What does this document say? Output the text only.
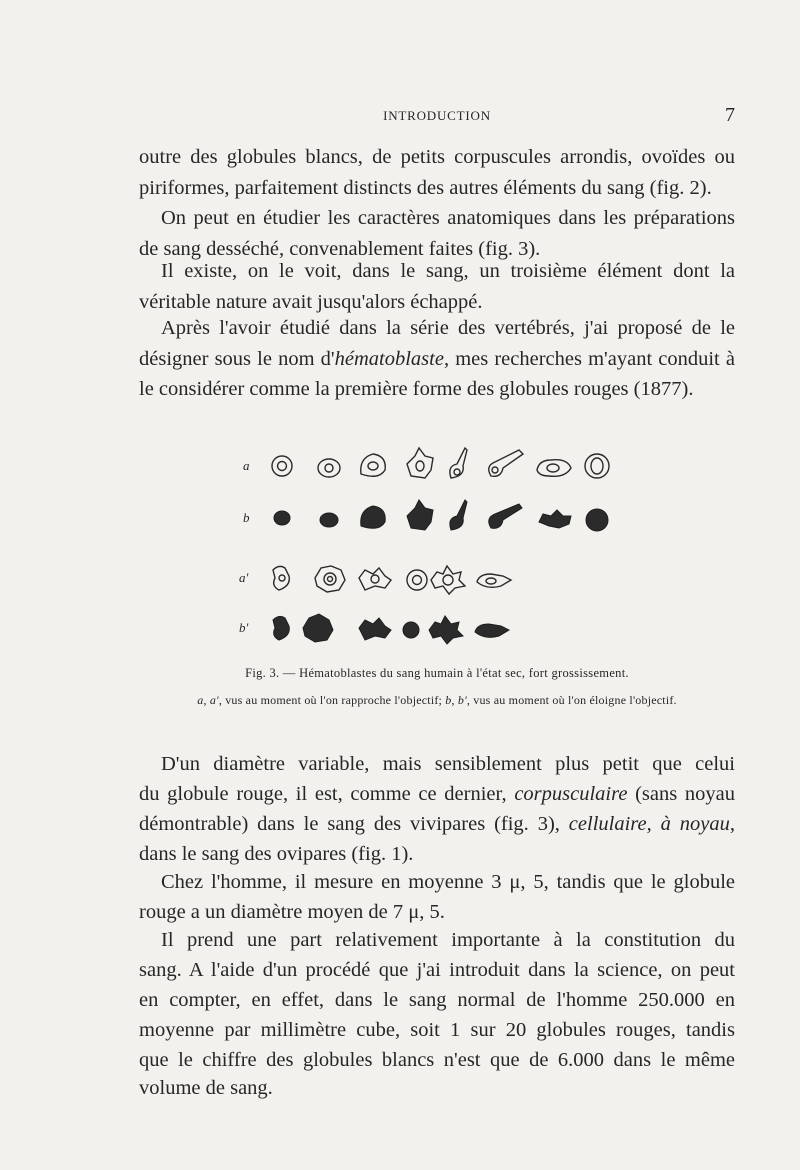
INTRODUCTION	7

outre des globules blancs, de petits corpuscules arrondis, ovoïdes ou

piriformes, parfaitement distincts des autres éléments du sang (fig. 2).

On peut en étudier les caractères anatomiques dans les préparations

de sang desséché, convenablement faites (fig. 3).

Il existe, on le voit, dans le sang, un troisième élément dont la

véritable nature avait jusqu'alors échappé.

Après l'avoir étudié dans la série des vertébrés, j'ai proposé de le

désigner sous le nom d'hématoblaste, mes recherches m'ayant conduit à

le considérer comme la première forme des globules rouges (1877).

a
b
a'
b'
Fig. 3. — Hématoblastes du sang humain à l'état sec, fort grossissement.
a, a', vus au moment où l'on rapproche l'objectif; b, b', vus au moment où l'on éloigne l'objectif.

D'un diamètre variable, mais sensiblement plus petit que celui

du globule rouge, il est, comme ce dernier, corpusculaire (sans noyau

démontrable) dans le sang des vivipares (fig. 3), cellulaire, à noyau,

dans le sang des ovipares (fig. 1).

Chez l'homme, il mesure en moyenne 3 μ, 5, tandis que le globule

rouge a un diamètre moyen de 7 μ, 5.

Il prend une part relativement importante à la constitution du

sang. A l'aide d'un procédé que j'ai introduit dans la science, on peut

en compter, en effet, dans le sang normal de l'homme 250.000 en

moyenne par millimètre cube, soit 1 sur 20 globules rouges, tandis

que le chiffre des globules blancs n'est que de 6.000 dans le même

volume de sang.
